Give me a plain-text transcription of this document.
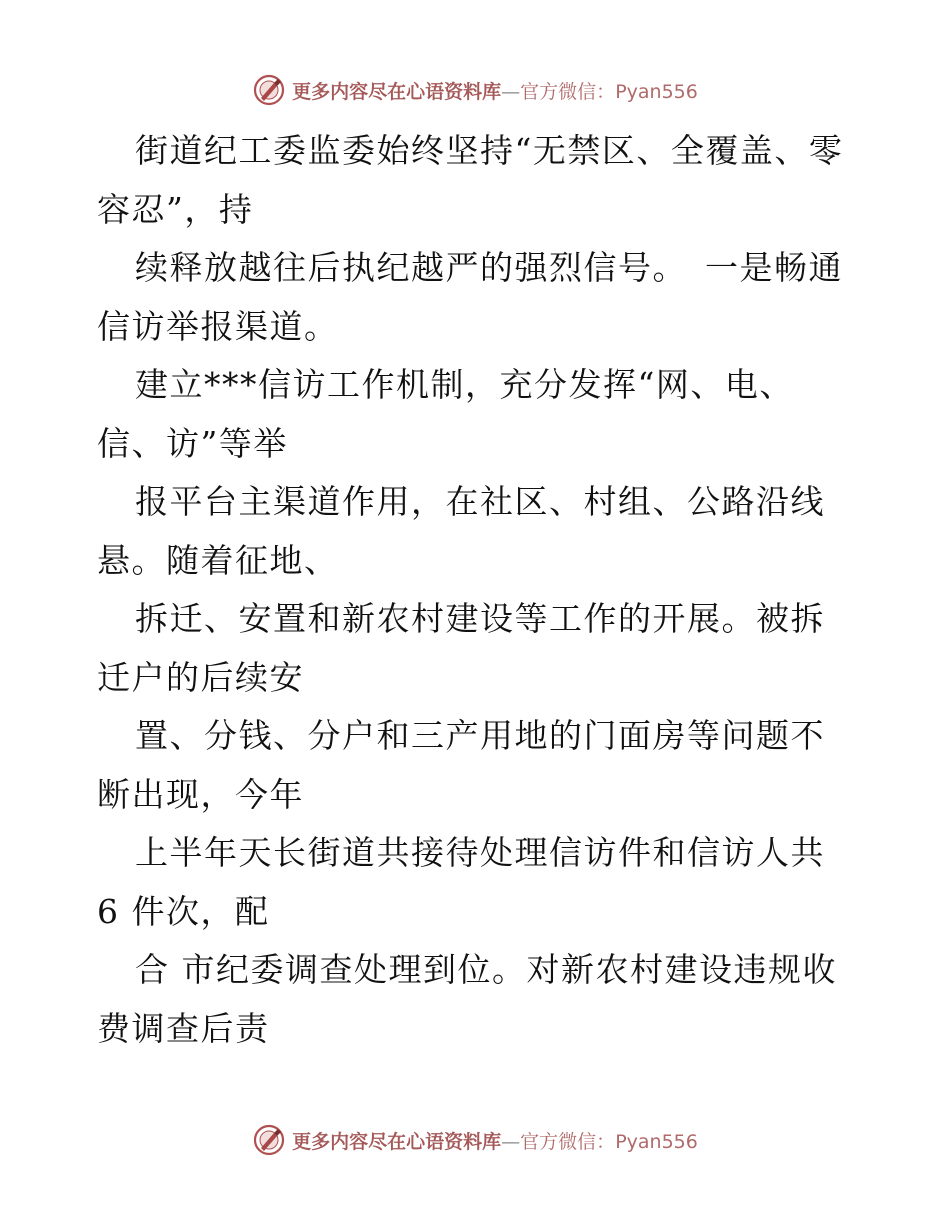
更多内容尽在心语资料库—官方微信：Pyan556

街道纪工委监委始终坚持“无禁区、全覆盖、零容忍”，持

续释放越往后执纪越严的强烈信号。　一是畅通信访举报渠道。

建立***信访工作机制，充分发挥“网、电、信、访”等举

报平台主渠道作用，在社区、村组、公路沿线悬。随着征地、

拆迁、安置和新农村建设等工作的开展。被拆迁户的后续安

置、分钱、分户和三产用地的门面房等问题不断出现，今年

上半年天长街道共接待处理信访件和信访人共 6 件次，配

合 市纪委调查处理到位。对新农村建设违规收费调查后责

更多内容尽在心语资料库—官方微信：Pyan556
